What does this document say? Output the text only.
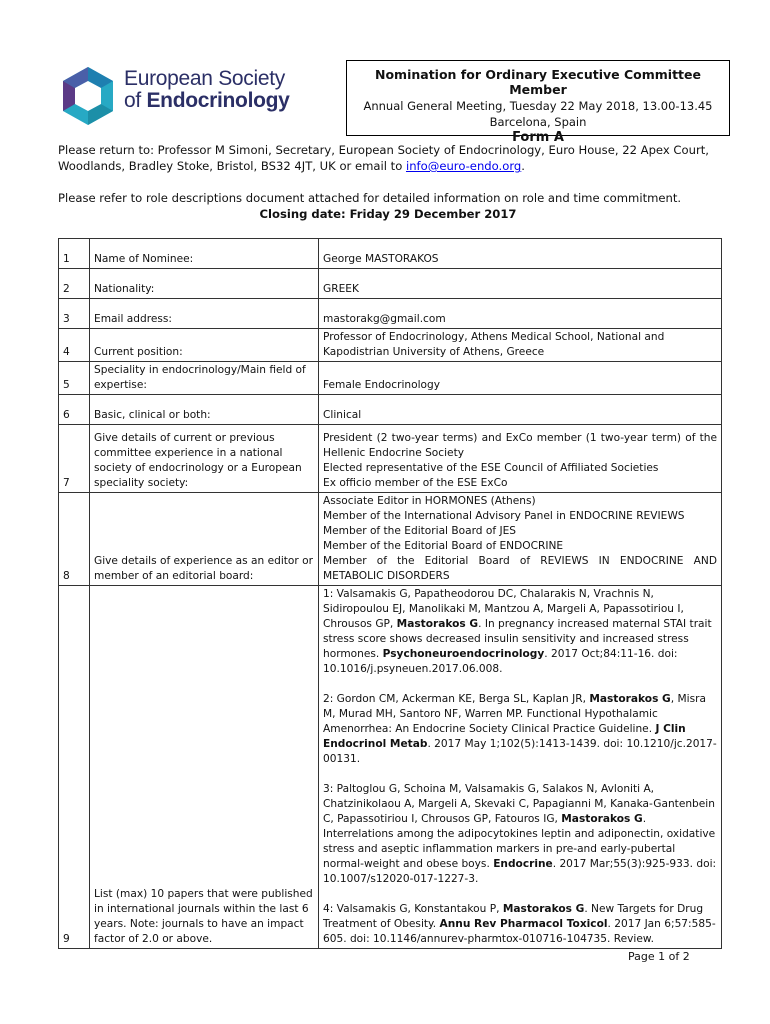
European Society
of Endocrinology
Nomination for Ordinary Executive Committee Member
Annual General Meeting, Tuesday 22 May 2018, 13.00-13.45
Barcelona, Spain
Form A
Please return to: Professor M Simoni, Secretary, European Society of Endocrinology, Euro House, 22 Apex Court, Woodlands, Bradley Stoke, Bristol, BS32 4JT, UK or email to info@euro-endo.org.
Please refer to role descriptions document attached for detailed information on role and time commitment.
Closing date: Friday 29 December 2017
1	Name of Nominee:	George MASTORAKOS
2	Nationality:	GREEK
3	Email address:	mastorakg@gmail.com
4	Current position:	Professor of Endocrinology, Athens Medical School, National and Kapodistrian University of Athens, Greece
5	Speciality in endocrinology/Main field of expertise:	Female Endocrinology
6	Basic, clinical or both:	Clinical
7	Give details of current or previous committee experience in a national society of endocrinology or a European speciality society:	President (2 two-year terms) and ExCo member (1 two-year term) of the Hellenic Endocrine Society
Elected representative of the ESE Council of Affiliated Societies
Ex officio member of the ESE ExCo

8	Give details of experience as an editor or member of an editorial board:	Associate Editor in HORMONES (Athens)
Member of the International Advisory Panel in ENDOCRINE REVIEWS
Member of the Editorial Board of JES
Member of the Editorial Board of ENDOCRINE
Member of the Editorial Board of REVIEWS IN ENDOCRINE AND METABOLIC DISORDERS

9	List (max) 10 papers that were published in international journals within the last 6 years. Note: journals to have an impact factor of 2.0 or above.	1: Valsamakis G, Papatheodorou DC, Chalarakis N, Vrachnis N, Sidiropoulou EJ, Manolikaki M, Mantzou A, Margeli A, Papassotiriou I, Chrousos GP, Mastorakos G. In pregnancy increased maternal STAI trait stress score shows decreased insulin sensitivity and increased stress hormones. Psychoneuroendocrinology. 2017 Oct;84:11-16. doi: 10.1016/j.psyneuen.2017.06.008.
2: Gordon CM, Ackerman KE, Berga SL, Kaplan JR, Mastorakos G, Misra M, Murad MH, Santoro NF, Warren MP. Functional Hypothalamic Amenorrhea: An Endocrine Society Clinical Practice Guideline. J Clin Endocrinol Metab. 2017 May 1;102(5):1413-1439. doi: 10.1210/jc.2017-00131.
3: Paltoglou G, Schoina M, Valsamakis G, Salakos N, Avloniti A, Chatzinikolaou A, Margeli A, Skevaki C, Papagianni M, Kanaka-Gantenbein C, Papassotiriou I, Chrousos GP, Fatouros IG, Mastorakos G. Interrelations among the adipocytokines leptin and adiponectin, oxidative stress and aseptic inflammation markers in pre-and early-pubertal normal-weight and obese boys. Endocrine. 2017 Mar;55(3):925-933. doi: 10.1007/s12020-017-1227-3.
4: Valsamakis G, Konstantakou P, Mastorakos G. New Targets for Drug Treatment of Obesity. Annu Rev Pharmacol Toxicol. 2017 Jan 6;57:585-605. doi: 10.1146/annurev-pharmtox-010716-104735. Review.
Page 1 of 2
